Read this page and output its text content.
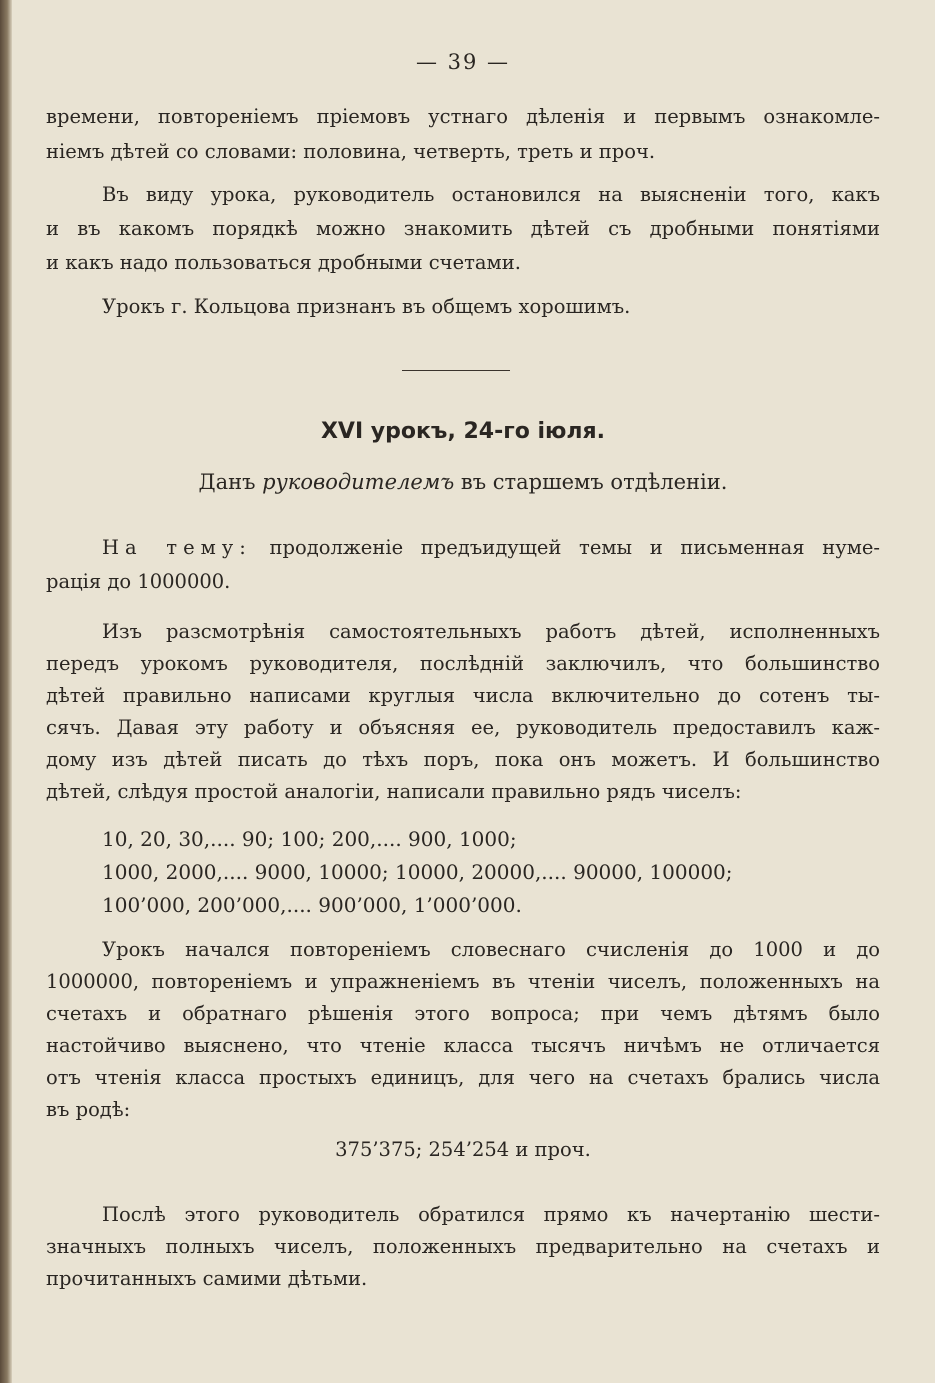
— 39 —
времени, повторенiемъ прiемовъ устнаго дѣленiя и первымъ ознакомле-
нiемъ дѣтей со словами: половина, четверть, треть и проч.
Въ виду урока, руководитель остановился на выясненiи того, какъ
и въ какомъ порядкѣ можно знакомить дѣтей съ дробными понятiями
и какъ надо пользоваться дробными счетами.
Урокъ г. Кольцова признанъ въ общемъ хорошимъ.
XVI урокъ, 24-го iюля.
Данъ руководителемъ въ старшемъ отдѣленiи.
На тему: продолженiе предъидущей темы и письменная нуме-
рацiя до 1000000.
Изъ разсмотрѣнiя самостоятельныхъ работъ дѣтей, исполненныхъ
передъ урокомъ руководителя, послѣднiй заключилъ, что большинство
дѣтей правильно написами круглыя числа включительно до сотенъ ты-
сячъ. Давая эту работу и объясняя ее, руководитель предоставилъ каж-
дому изъ дѣтей писать до тѣхъ поръ, пока онъ можетъ. И большинство
дѣтей, слѣдуя простой аналогiи, написали правильно рядъ чиселъ:
10, 20, 30,.... 90; 100; 200,.... 900, 1000;
1000, 2000,.... 9000, 10000; 10000, 20000,.... 90000, 100000;
100’000, 200’000,.... 900’000, 1’000’000.
Урокъ начался повторенiемъ словеснаго счисленiя до 1000 и до
1000000, повторенiемъ и упражненiемъ въ чтенiи чиселъ, положенныхъ на
счетахъ и обратнаго рѣшенiя этого вопроса; при чемъ дѣтямъ было
настойчиво выяснено, что чтенiе класса тысячъ ничѣмъ не отличается
отъ чтенiя класса простыхъ единицъ, для чего на счетахъ брались числа
въ родѣ:
375’375; 254’254 и проч.
Послѣ этого руководитель обратился прямо къ начертанiю шести-
значныхъ полныхъ чиселъ, положенныхъ предварительно на счетахъ и
прочитанныхъ самими дѣтьми.
